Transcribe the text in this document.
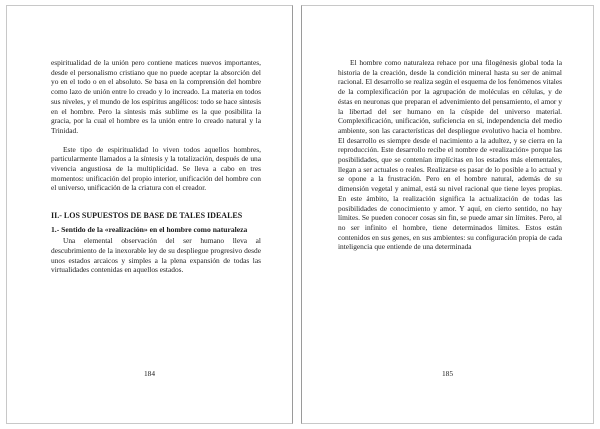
espiritualidad de la unión pero contiene matices nuevos importantes, desde el personalismo cristiano que no puede aceptar la absorción del yo en el todo o en el absoluto. Se basa en la comprensión del hombre como lazo de unión entre lo creado y lo increado. La materia en todos sus niveles, y el mundo de los espíritus angélicos: todo se hace síntesis en el hombre. Pero la síntesis más sublime es la que posibilita la gracia, por la cual el hombre es la unión entre lo creado natural y la Trinidad.

Este tipo de espiritualidad lo viven todos aquellos hombres, particularmente llamados a la síntesis y la totalización, después de una vivencia angustiosa de la multiplicidad. Se lleva a cabo en tres momentos: unificación del propio interior, unificación del hombre con el universo, unificación de la criatura con el creador.

II.- LOS SUPUESTOS DE BASE DE TALES IDEALES
1.- Sentido de la «realización» en el hombre como naturaleza

Una elemental observación del ser humano lleva al descubrimiento de la inexorable ley de su despliegue progresivo desde unos estados arcaicos y simples a la plena expansión de todas las virtualidades contenidas en aquellos estados.

184

El hombre como naturaleza rehace por una filogénesis global toda la historia de la creación, desde la condición mineral hasta su ser de animal racional. El desarrollo se realiza según el esquema de los fenómenos vitales de la complexificación por la agrupación de moléculas en células, y de éstas en neuronas que preparan el advenimiento del pensamiento, el amor y la libertad del ser humano en la cúspide del universo material. Complexificación, unificación, suficiencia en sí, independencia del medio ambiente, son las características del despliegue evolutivo hacia el hombre. El desarrollo es siempre desde el nacimiento a la adultez, y se cierra en la reproducción. Este desarrollo recibe el nombre de «realización» porque las posibilidades, que se contenían implícitas en los estados más elementales, llegan a ser actuales o reales. Realizarse es pasar de lo posible a lo actual y se opone a la frustración. Pero en el hombre natural, además de su dimensión vegetal y animal, está su nivel racional que tiene leyes propias. En este ámbito, la realización significa la actualización de todas las posibilidades de conocimiento y amor. Y aquí, en cierto sentido, no hay límites. Se pueden conocer cosas sin fin, se puede amar sin límites. Pero, al no ser infinito el hombre, tiene determinados límites. Estos están contenidos en sus genes, en sus ambientes: su configuración propia de cada inteligencia que entiende de una determinada

185
